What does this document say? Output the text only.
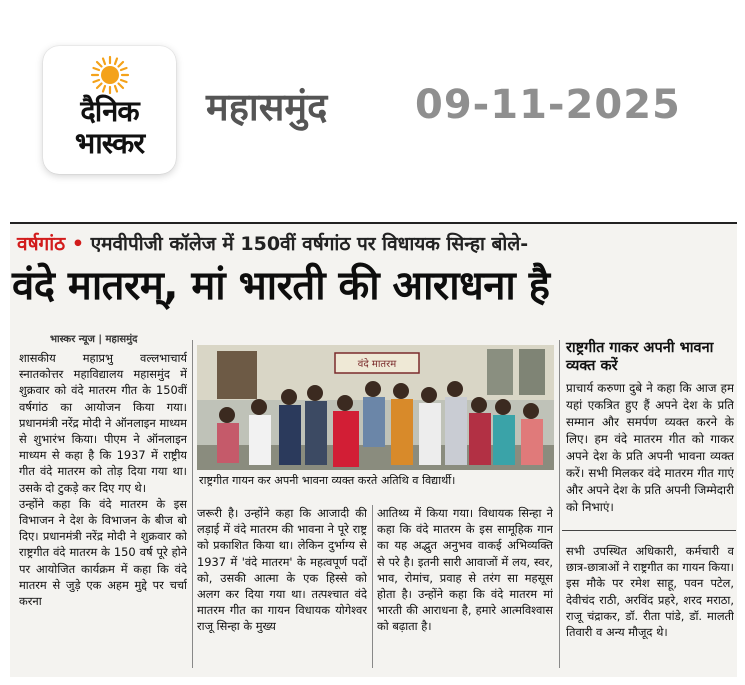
दैनिक
भास्कर
महासमुंद 09-11-2025
वर्षगांठ • एमवीपीजी कॉलेज में 150वीं वर्षगांठ पर विधायक सिन्हा बोले-
वंदे मातरम्, मां भारती की आराधना है
भास्कर न्यूज | महासमुंद
शासकीय महाप्रभु वल्लभाचार्य स्नातकोत्तर महाविद्यालय महासमुंद में शुक्रवार को वंदे मातरम गीत के 150वीं वर्षगांठ का आयोजन किया गया। प्रधानमंत्री नरेंद्र मोदी ने ऑनलाइन माध्यम से शुभारंभ किया। पीएम ने ऑनलाइन माध्यम से कहा है कि 1937 में राष्ट्रीय गीत वंदे मातरम को तोड़ दिया गया था। उसके दो टुकड़े कर दिए गए थे।
उन्होंने कहा कि वंदे मातरम के इस विभाजन ने देश के विभाजन के बीज बो दिए। प्रधानमंत्री नरेंद्र मोदी ने शुक्रवार को राष्ट्रगीत वंदे मातरम के 150 वर्ष पूरे होने पर आयोजित कार्यक्रम में कहा कि वंदे मातरम से जुड़े एक अहम मुद्दे पर चर्चा करना
वंदे मातरम
राष्ट्रगीत गायन कर अपनी भावना व्यक्त करते अतिथि व विद्यार्थी।
जरूरी है। उन्होंने कहा कि आजादी की लड़ाई में वंदे मातरम की भावना ने पूरे राष्ट्र को प्रकाशित किया था। लेकिन दुर्भाग्य से 1937 में 'वंदे मातरम' के महत्वपूर्ण पदों को, उसकी आत्मा के एक हिस्से को अलग कर दिया गया था। तत्पश्चात वंदे मातरम गीत का गायन विधायक योगेश्वर राजू सिन्हा के मुख्य
आतिथ्य में किया गया। विधायक सिन्हा ने कहा कि वंदे मातरम के इस सामूहिक गान का यह अद्भुत अनुभव वाकई अभिव्यक्ति से परे है। इतनी सारी आवाजों में लय, स्वर, भाव, रोमांच, प्रवाह से तरंग सा महसूस होता है। उन्होंने कहा कि वंदे मातरम मां भारती की आराधना है, हमारे आत्मविश्वास को बढ़ाता है।
राष्ट्रगीत गाकर अपनी भावना व्यक्त करें
प्राचार्य करुणा दुबे ने कहा कि आज हम यहां एकत्रित हुए हैं अपने देश के प्रति सम्मान और समर्पण व्यक्त करने के लिए। हम वंदे मातरम गीत को गाकर अपने देश के प्रति अपनी भावना व्यक्त करें। सभी मिलकर वंदे मातरम गीत गाएं और अपने देश के प्रति अपनी जिम्मेदारी को निभाएं।
सभी उपस्थित अधिकारी, कर्मचारी व छात्र-छात्राओं ने राष्ट्रगीत का गायन किया। इस मौके पर रमेश साहू, पवन पटेल, देवीचंद राठी, अरविंद प्रहरे, शरद मराठा, राजू चंद्राकर, डॉ. रीता पांडे, डॉ. मालती तिवारी व अन्य मौजूद थे।
